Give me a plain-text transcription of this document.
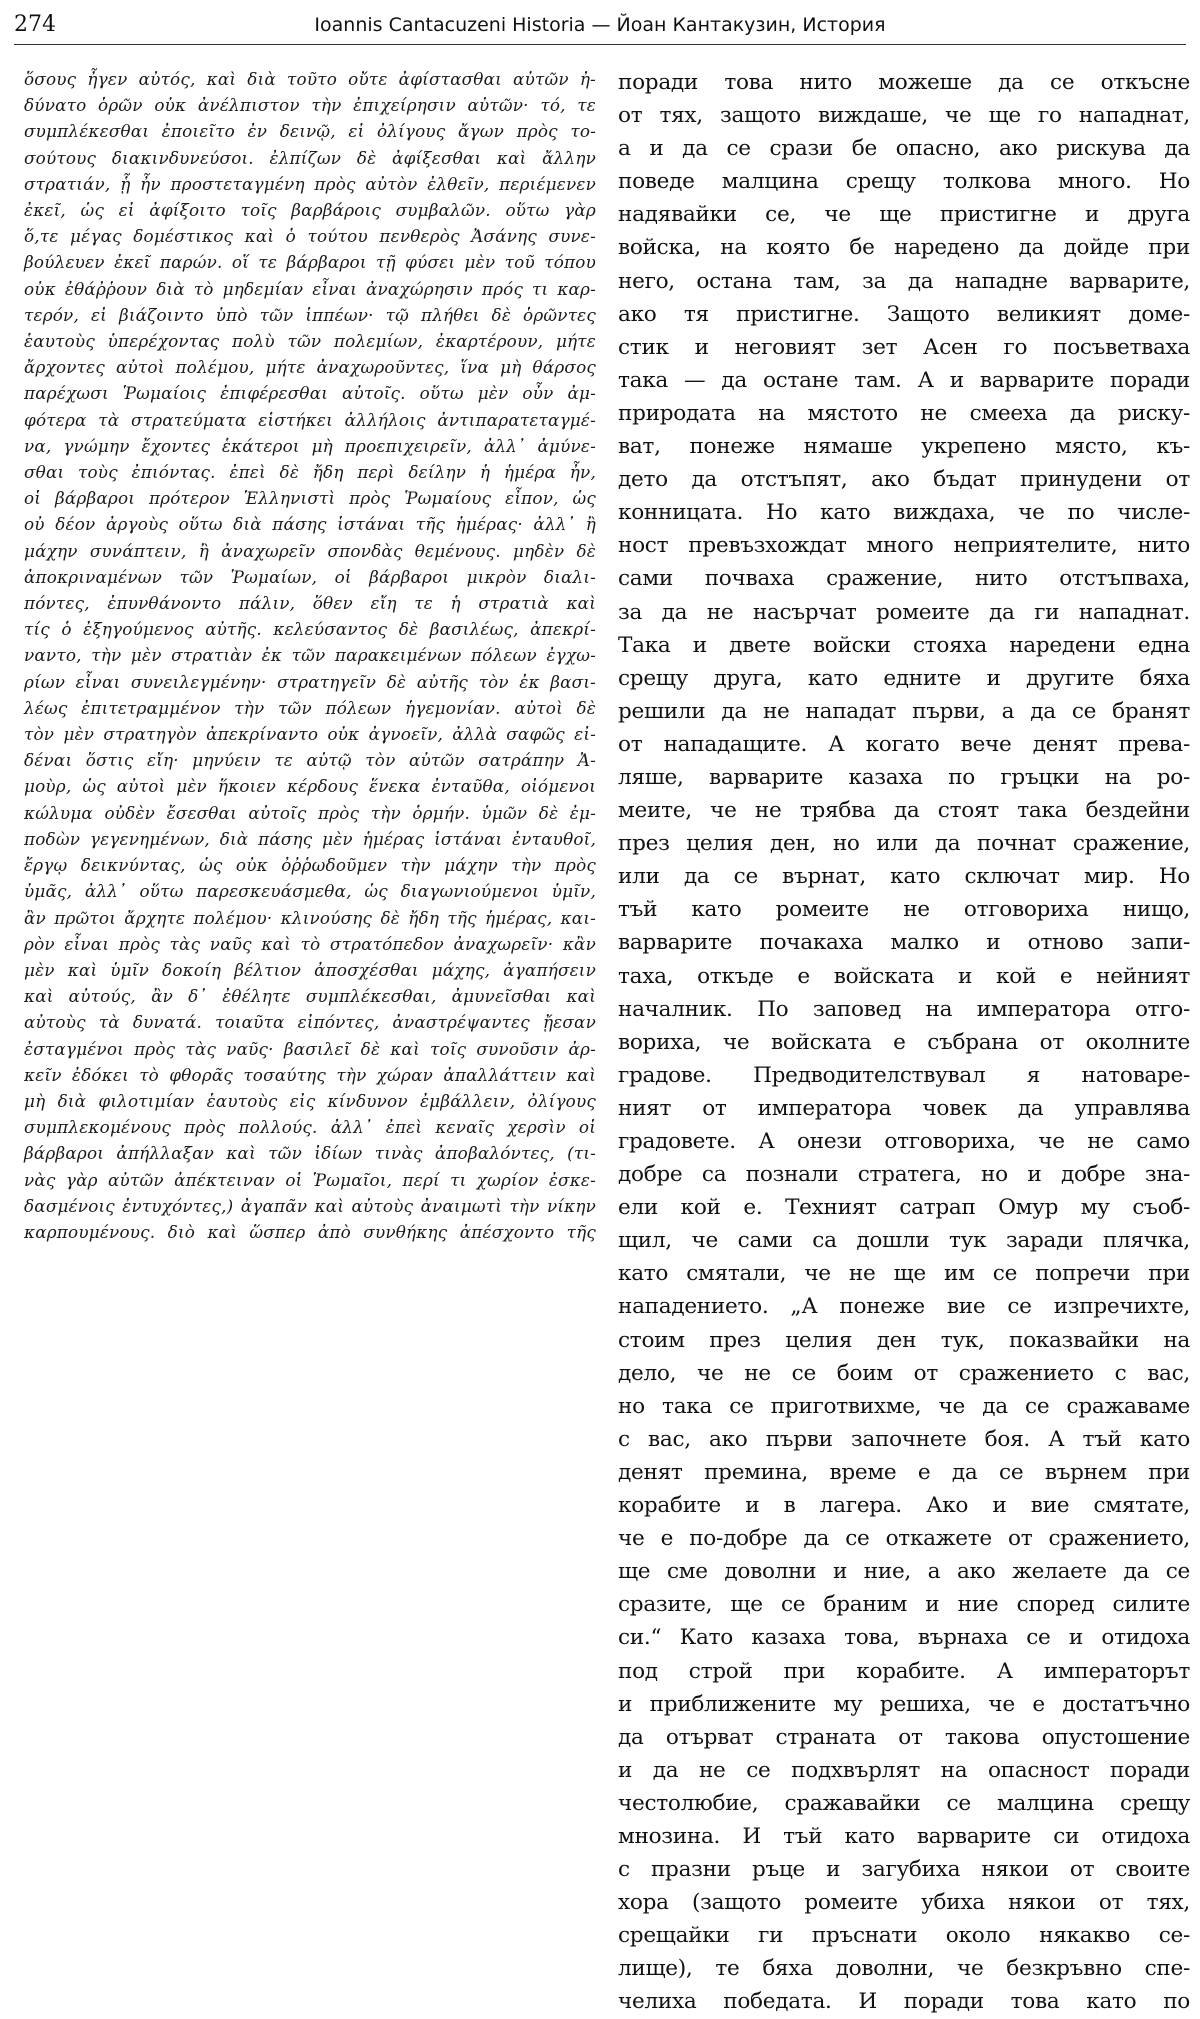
274	Ioannis Cantacuzeni Historia — Йоан Кантакузин, История
ὅσους ἦγεν αὐτός, καὶ διὰ τοῦτο οὔτε ἀφίστασθαι αὐτῶν ἠ-
δύνατο ὁρῶν οὐκ ἀνέλπιστον τὴν ἐπιχείρησιν αὐτῶν· τό, τε
συμπλέκεσθαι ἐποιεῖτο ἐν δεινῷ, εἰ ὀλίγους ἄγων πρὸς το-
σούτους διακινδυνεύσοι. ἐλπίζων δὲ ἀφίξεσθαι καὶ ἄλλην
στρατιάν, ᾗ ἦν προστεταγμένη πρὸς αὐτὸν ἐλθεῖν, περιέμενεν
ἐκεῖ, ὡς εἰ ἀφίξοιτο τοῖς βαρβάροις συμβαλῶν. οὕτω γὰρ
ὅ,τε μέγας δομέστικος καὶ ὁ τούτου πενθερὸς Ἀσάνης συνε-
βούλευεν ἐκεῖ παρών. οἵ τε βάρβαροι τῇ φύσει μὲν τοῦ τόπου
οὐκ ἐθάῤῥουν διὰ τὸ μηδεμίαν εἶναι ἀναχώρησιν πρός τι καρ-
τερόν, εἰ βιάζοιντο ὑπὸ τῶν ἱππέων· τῷ πλήθει δὲ ὁρῶντες
ἑαυτοὺς ὑπερέχοντας πολὺ τῶν πολεμίων, ἐκαρτέρουν, μήτε
ἄρχοντες αὐτοὶ πολέμου, μήτε ἀναχωροῦντες, ἵνα μὴ θάρσος
παρέχωσι Ῥωμαίοις ἐπιφέρεσθαι αὐτοῖς. οὕτω μὲν οὖν ἀμ-
φότερα τὰ στρατεύματα εἱστήκει ἀλλήλοις ἀντιπαρατεταγμέ-
να, γνώμην ἔχοντες ἑκάτεροι μὴ προεπιχειρεῖν, ἀλλ᾽ ἀμύνε-
σθαι τοὺς ἐπιόντας. ἐπεὶ δὲ ἤδη περὶ δείλην ἡ ἡμέρα ἦν,
οἱ βάρβαροι πρότερον Ἑλληνιστὶ πρὸς Ῥωμαίους εἶπον, ὡς
οὐ δέον ἀργοὺς οὕτω διὰ πάσης ἱστάναι τῆς ἡμέρας· ἀλλ᾽ ἢ
μάχην συνάπτειν, ἢ ἀναχωρεῖν σπονδὰς θεμένους. μηδὲν δὲ
ἀποκριναμένων τῶν Ῥωμαίων, οἱ βάρβαροι μικρὸν διαλι-
πόντες, ἐπυνθάνοντο πάλιν, ὅθεν εἴη τε ἡ στρατιὰ καὶ
τίς ὁ ἐξηγούμενος αὐτῆς. κελεύσαντος δὲ βασιλέως, ἀπεκρί-
ναντο, τὴν μὲν στρατιὰν ἐκ τῶν παρακειμένων πόλεων ἐγχω-
ρίων εἶναι συνειλεγμένην· στρατηγεῖν δὲ αὐτῆς τὸν ἐκ βασι-
λέως ἐπιτετραμμένον τὴν τῶν πόλεων ἡγεμονίαν. αὐτοὶ δὲ
τὸν μὲν στρατηγὸν ἀπεκρίναντο οὐκ ἀγνοεῖν, ἀλλὰ σαφῶς εἰ-
δέναι ὅστις εἴη· μηνύειν τε αὐτῷ τὸν αὐτῶν σατράπην Ἀ-
μοὺρ, ὡς αὐτοὶ μὲν ἥκοιεν κέρδους ἕνεκα ἐνταῦθα, οἰόμενοι
κώλυμα οὐδὲν ἔσεσθαι αὐτοῖς πρὸς τὴν ὁρμήν. ὑμῶν δὲ ἐμ-
ποδὼν γεγενημένων, διὰ πάσης μὲν ἡμέρας ἱστάναι ἐνταυθοῖ,
ἔργῳ δεικνύντας, ὡς οὐκ ὀῤῥωδοῦμεν τὴν μάχην τὴν πρὸς
ὑμᾶς, ἀλλ᾽ οὕτω παρεσκευάσμεθα, ὡς διαγωνιούμενοι ὑμῖν,
ἂν πρῶτοι ἄρχητε πολέμου· κλινούσης δὲ ἤδη τῆς ἡμέρας, και-
ρὸν εἶναι πρὸς τὰς ναῦς καὶ τὸ στρατόπεδον ἀναχωρεῖν· κἂν
μὲν καὶ ὑμῖν δοκοίη βέλτιον ἀποσχέσθαι μάχης, ἀγαπήσειν
καὶ αὐτούς, ἂν δ᾽ ἐθέλητε συμπλέκεσθαι, ἀμυνεῖσθαι καὶ
αὐτοὺς τὰ δυνατά. τοιαῦτα εἰπόντες, ἀναστρέψαντες ᾔεσαν
ἐσταγμένοι πρὸς τὰς ναῦς· βασιλεῖ δὲ καὶ τοῖς συνοῦσιν ἀρ-
κεῖν ἐδόκει τὸ φθορᾶς τοσαύτης τὴν χώραν ἀπαλλάττειν καὶ
μὴ διὰ φιλοτιμίαν ἑαυτοὺς εἰς κίνδυνον ἐμβάλλειν, ὀλίγους
συμπλεκομένους πρὸς πολλούς. ἀλλ᾽ ἐπεὶ κεναῖς χερσὶν οἱ
βάρβαροι ἀπήλλαξαν καὶ τῶν ἰδίων τινὰς ἀποβαλόντες, (τι-
νὰς γὰρ αὐτῶν ἀπέκτειναν οἱ Ῥωμαῖοι, περί τι χωρίον ἐσκε-
δασμένοις ἐντυχόντες,) ἀγαπᾶν καὶ αὐτοὺς ἀναιμωτὶ τὴν νίκην
καρπουμένους. διὸ καὶ ὥσπερ ἀπὸ συνθήκης ἀπέσχοντο τῆς
поради това нито можеше да се откъсне
от тях, защото виждаше, че ще го нападнат,
а и да се срази бе опасно, ако рискува да
поведе малцина срещу толкова много. Но
надявайки се, че ще пристигне и друга
войска, на която бе наредено да дойде при
него, остана там, за да нападне варварите,
ако тя пристигне. Защото великият доме-
стик и неговият зет Асен го посъветваха
така — да остане там. А и варварите поради
природата на мястото не смееха да риску-
ват, понеже нямаше укрепено място, къ-
дето да отстъпят, ако бъдат принудени от
конницата. Но като виждаха, че по числе-
ност превъзхождат много неприятелите, нито
сами почваха сражение, нито отстъпваха,
за да не насърчат ромеите да ги нападнат.
Така и двете войски стояха наредени една
срещу друга, като едните и другите бяха
решили да не нападат първи, а да се бранят
от нападащите. А когато вече денят прева-
ляше, варварите казаха по гръцки на ро-
меите, че не трябва да стоят така бездейни
през целия ден, но или да почнат сражение,
или да се върнат, като сключат мир. Но
тъй като ромеите не отговориха нищо,
варварите почакаха малко и отново запи-
таха, откъде е войската и кой е нейният
началник. По заповед на императора отго-
вориха, че войската е събрана от околните
градове. Предводителствувал я натоваре-
ният от императора човек да управлява
градовете. А онези отговориха, че не само
добре са познали стратега, но и добре зна-
ели кой е. Техният сатрап Омур му съоб-
щил, че сами са дошли тук заради плячка,
като смятали, че не ще им се попречи при
нападението. „А понеже вие се изпречихте,
стоим през целия ден тук, показвайки на
дело, че не се боим от сражението с вас,
но така се приготвихме, че да се сражаваме
с вас, ако първи започнете боя. А тъй като
денят премина, време е да се върнем при
корабите и в лагера. Ако и вие смятате,
че е по-добре да се откажете от сражението,
ще сме доволни и ние, а ако желаете да се
сразите, ще се браним и ние според силите
си.“ Като казаха това, върнаха се и отидоха
под строй при корабите. А императорът
и приближените му решиха, че е достатъчно
да отърват страната от такова опустошение
и да не се подхвърлят на опасност поради
честолюбие, сражавайки се малцина срещу
мнозина. И тъй като варварите си отидоха
с празни ръце и загубиха някои от своите
хора (защото ромеите убиха някои от тях,
срещайки ги пръснати около някакво се-
лище), те бяха доволни, че безкръвно спе-
челиха победата. И поради това като по
